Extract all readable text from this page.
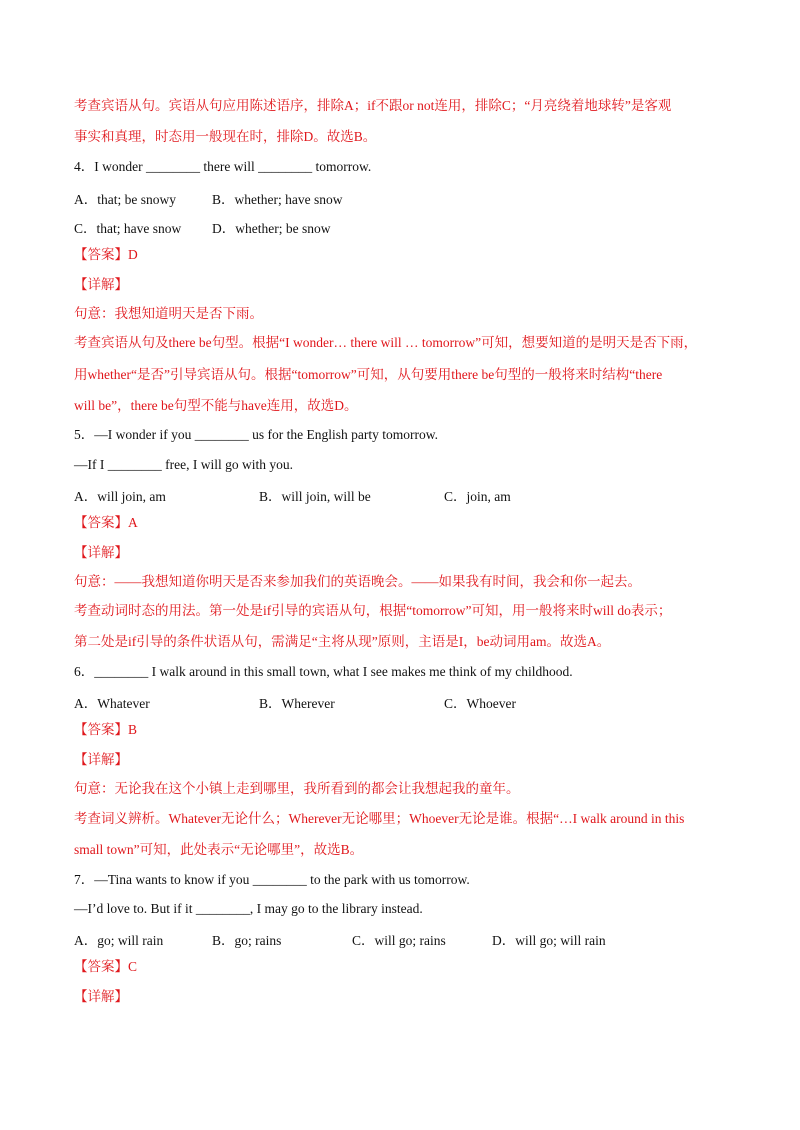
考查宾语从句。宾语从句应用陈述语序，排除A；if不跟or not连用，排除C；“月亮绕着地球转”是客观
事实和真理，时态用一般现在时，排除D。故选B。
4．I wonder ________ there will ________ tomorrow.
A．that; be snowy	B．whether; have snow
C．that; have snow D．whether; be snow
【答案】D
【详解】
句意：我想知道明天是否下雨。
考查宾语从句及there be句型。根据“I wonder… there will … tomorrow”可知，想要知道的是明天是否下雨，
用whether“是否”引导宾语从句。根据“tomorrow”可知，从句要用there be句型的一般将来时结构“there
will be”，there be句型不能与have连用，故选D。
5．—I wonder if you ________ us for the English party tomorrow.
—If I ________ free, I will go with you.
A．will join, am	B．will join, will be	C．join, am
【答案】A
【详解】
句意：——我想知道你明天是否来参加我们的英语晚会。——如果我有时间，我会和你一起去。
考查动词时态的用法。第一处是if引导的宾语从句，根据“tomorrow”可知，用一般将来时will do表示；
第二处是if引导的条件状语从句，需满足“主将从现”原则，主语是I，be动词用am。故选A。
6．________ I walk around in this small town, what I see makes me think of my childhood.
A．Whatever	B．Wherever	C．Whoever
【答案】B
【详解】
句意：无论我在这个小镇上走到哪里，我所看到的都会让我想起我的童年。
考查词义辨析。Whatever无论什么；Wherever无论哪里；Whoever无论是谁。根据“…I walk around in this
small town”可知，此处表示“无论哪里”，故选B。
7．—Tina wants to know if you ________ to the park with us tomorrow.
—I’d love to. But if it ________, I may go to the library instead.
A．go; will rain	B．go; rains	C．will go; rains	D．will go; will rain
【答案】C
【详解】
